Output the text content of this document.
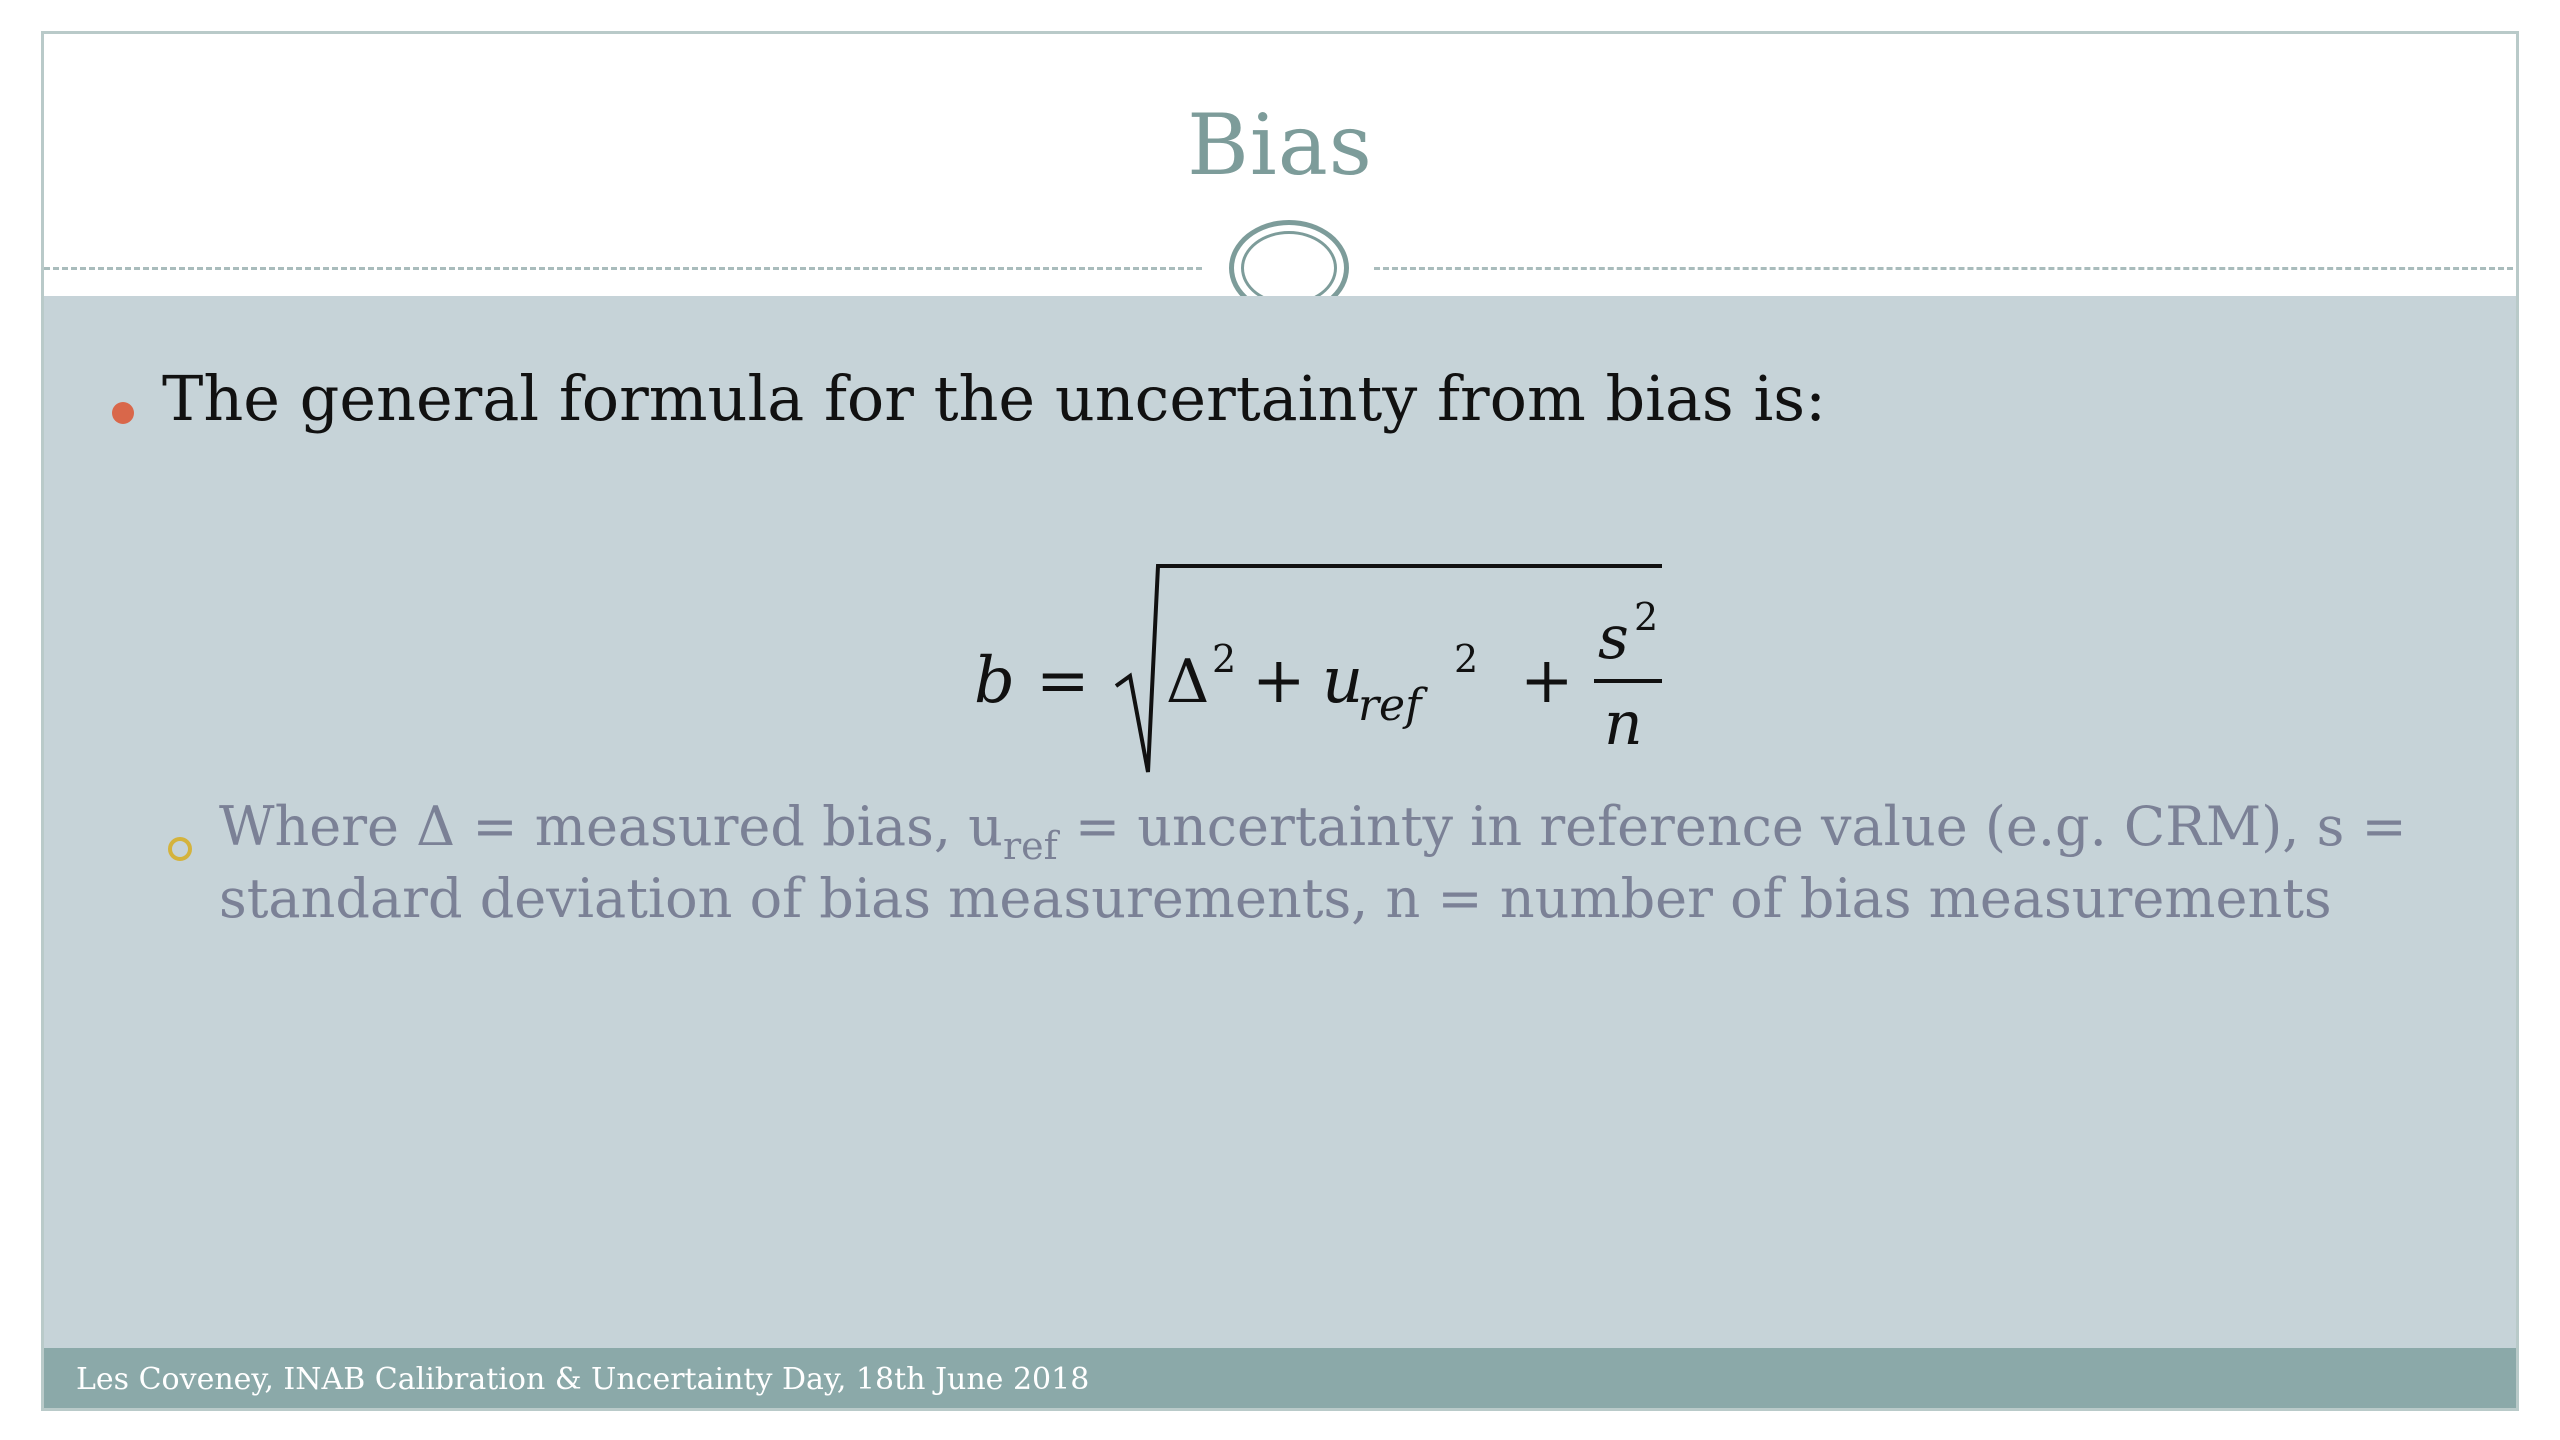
Bias
The general formula for the uncertainty from bias is:
b = Δ 2 + u
ref
2 +
s 2
n
Where Δ = measured bias, $u_{ref}$ = uncertainty in reference value (e.g. CRM), s = standard deviation of bias measurements, n = number of bias measurements
Les Coveney, INAB Calibration & Uncertainty Day, 18th June 2018
